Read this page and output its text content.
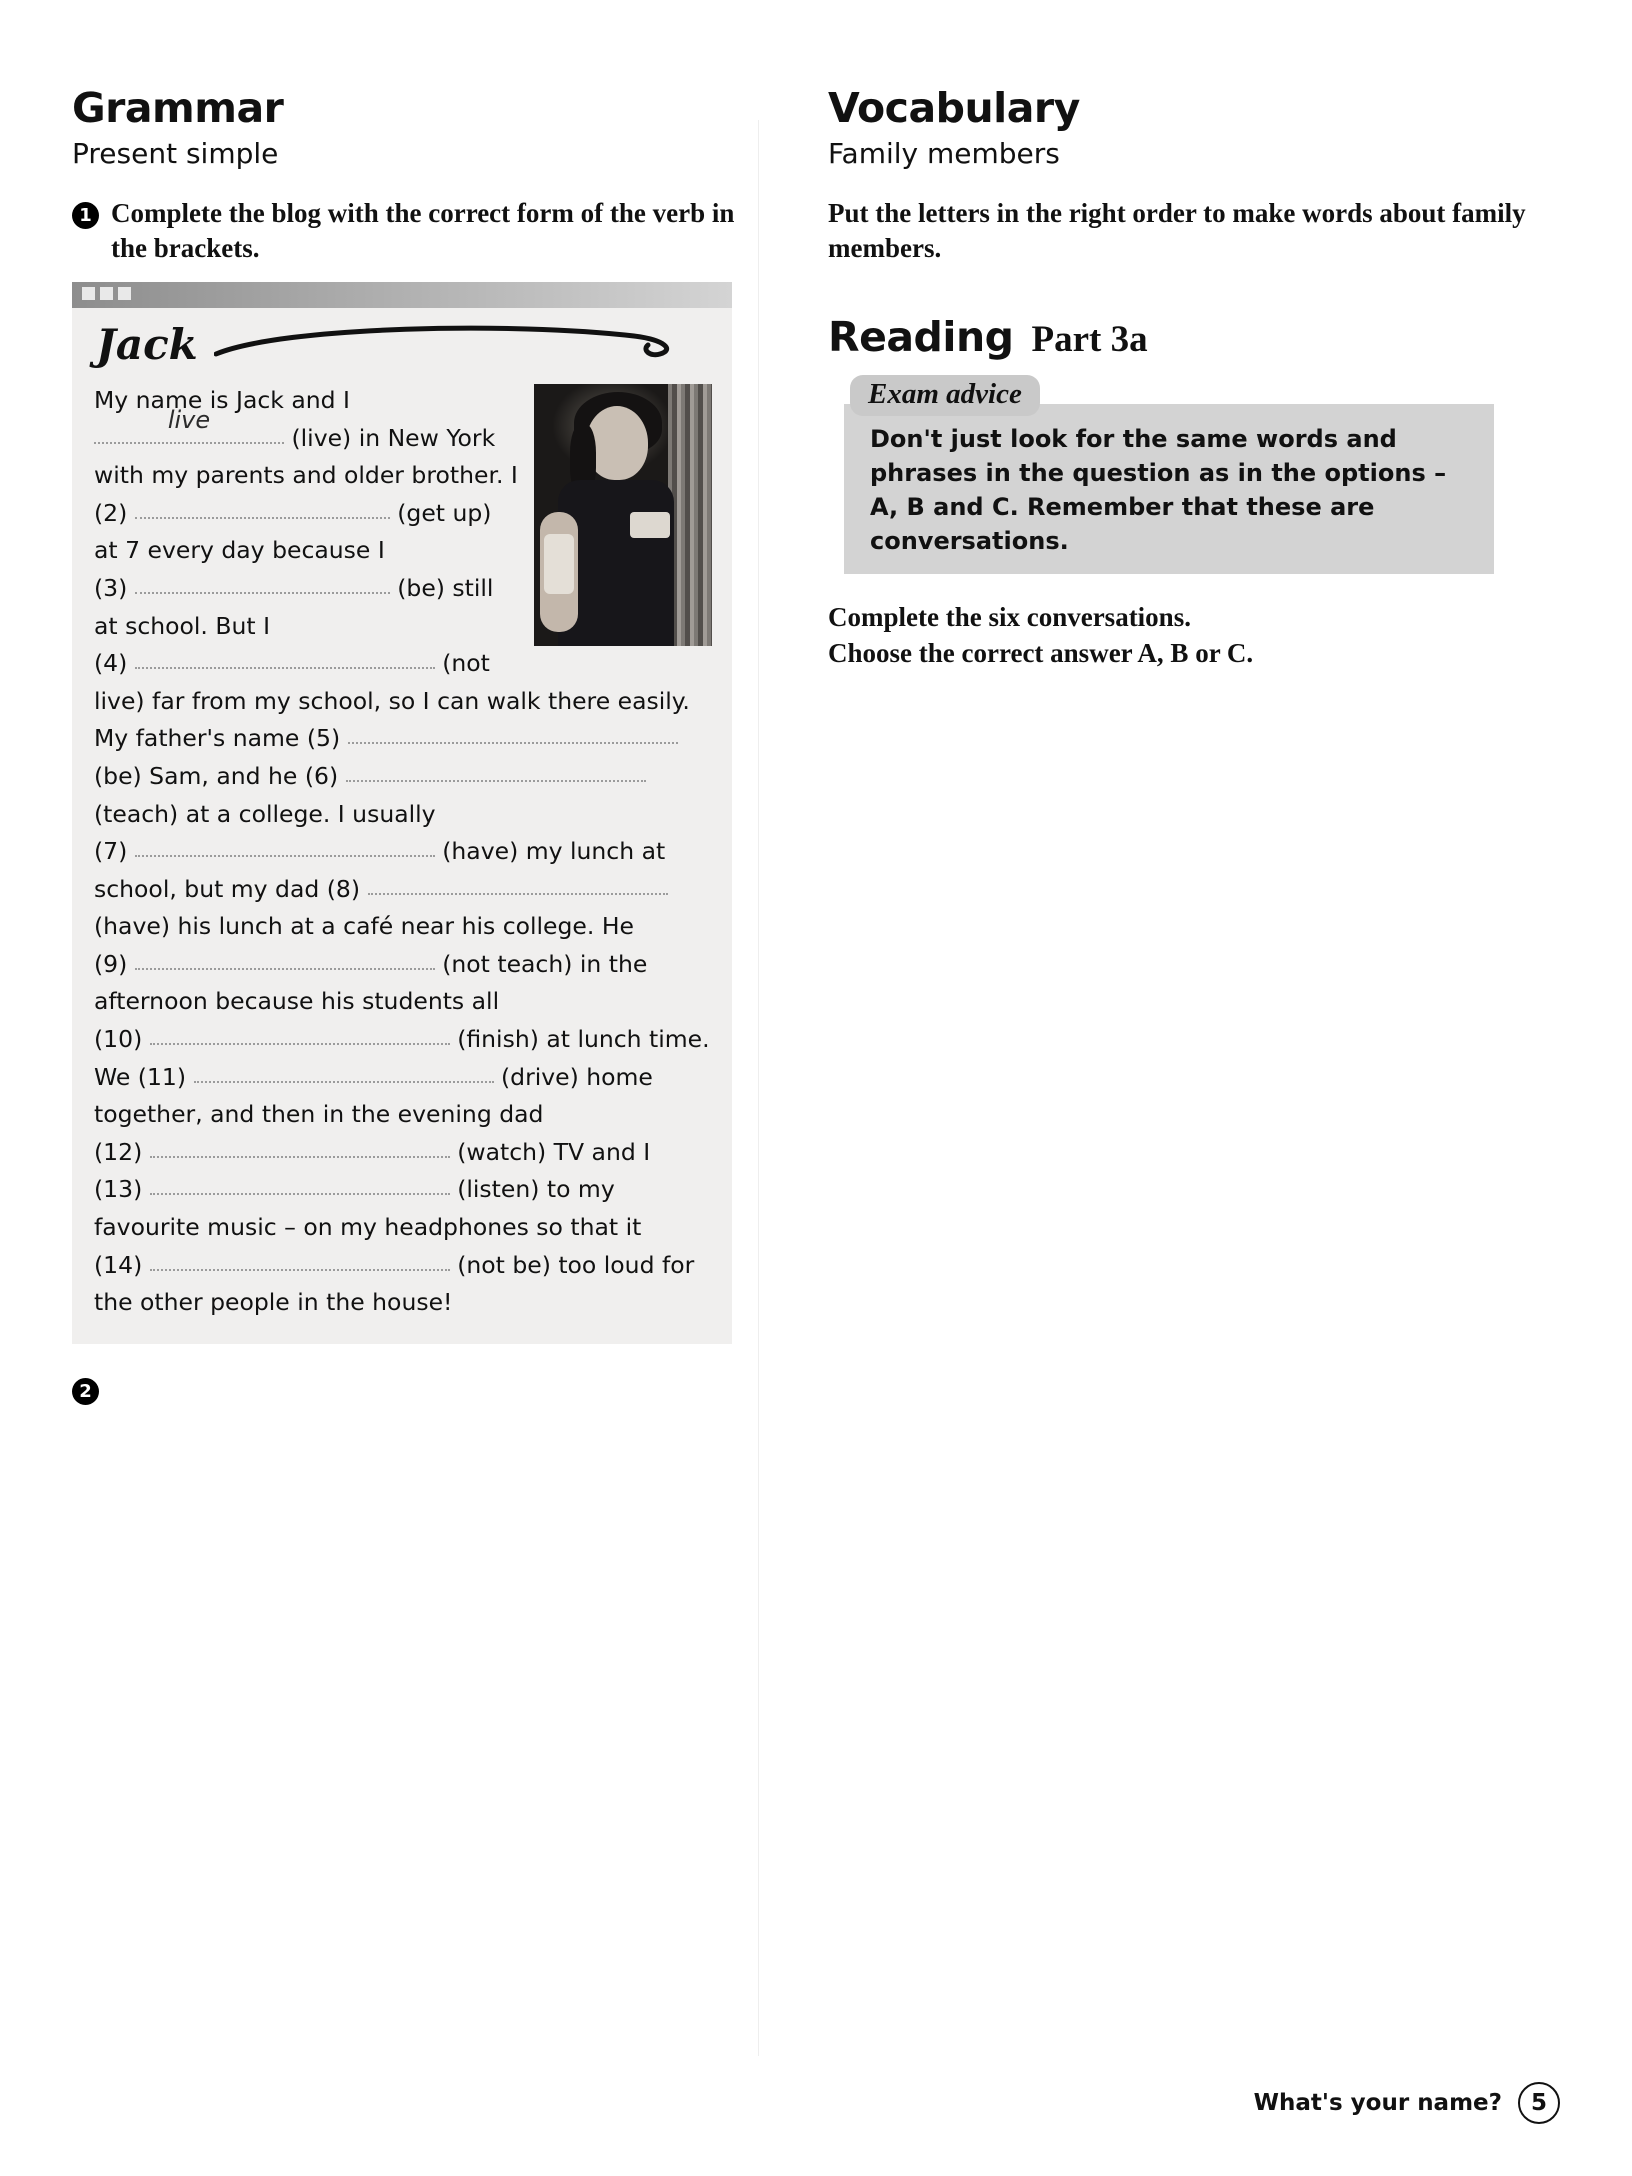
Grammar
Present simple
1 Complete the blog with the correct form of the verb in the brackets.
Jack
My name is Jack and I
live
(live) in New York with my parents and older brother. I (2)	(get up) at 7 every day because I (3)	(be) still at school. But I (4)	(not live) far from my school, so I can walk there easily. My father's name (5)  (be) Sam, and he (6)  (teach) at a college. I usually (7)	(have) my lunch at school, but my dad (8)  (have) his lunch at a café near his college. He (9)	(not teach) in the afternoon because his students all (10)	(finish) at lunch time. We (11)	(drive) home together, and then in the evening dad (12)	(watch) TV and I (13)	(listen) to my favourite music – on my headphones so that it (14)	(not be) too loud for the other people in the house!
2
Vocabulary
Family members
Put the letters in the right order to make words about family members.
Reading Part 3a
Exam advice
Don't just look for the same words and phrases in the question as in the options – A, B and C. Remember that these are conversations.
Complete the six conversations.
Choose the correct answer A, B or C.
What's your name?	5
